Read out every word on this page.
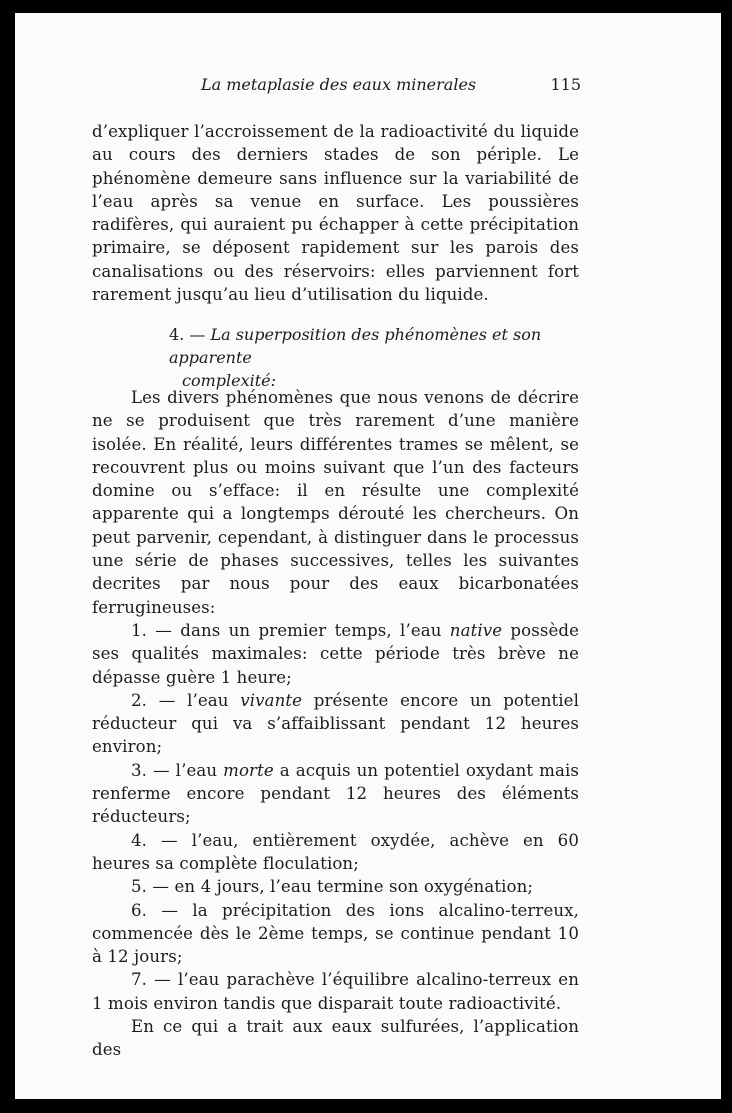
La metaplasie des eaux minerales	115

d’expliquer l’accroissement de la radioactivité du liquide au cours des derniers stades de son périple. Le phénomène demeure sans influence sur la variabilité de l’eau après sa venue en surface. Les poussières radifères, qui auraient pu échapper à cette précipitation primaire, se déposent rapidement sur les parois des canalisations ou des réservoirs: elles parviennent fort rarement jusqu’au lieu d’utilisation du liquide.

4. — La superposition des phénomènes et son apparente
complexité:

Les divers phénomènes que nous venons de décrire ne se produisent que très rarement d’une manière isolée. En réalité, leurs différentes trames se mêlent, se recouvrent plus ou moins suivant que l’un des facteurs domine ou s’efface: il en résulte une complexité apparente qui a longtemps dérouté les chercheurs. On peut parvenir, cependant, à distinguer dans le processus une série de phases successives, telles les suivantes decrites par nous pour des eaux bicarbonatées ferrugineuses:

1. — dans un premier temps, l’eau native possède ses qualités maximales: cette période très brève ne dépasse guère 1 heure;

2. — l’eau vivante présente encore un potentiel réducteur qui va s’affaiblissant pendant 12 heures environ;

3. — l’eau morte a acquis un potentiel oxydant mais renferme encore pendant 12 heures des éléments réducteurs;

4. — l’eau, entièrement oxydée, achève en 60 heures sa complète floculation;

5. — en 4 jours, l’eau termine son oxygénation;

6. — la précipitation des ions alcalino-terreux, commencée dès le 2ème temps, se continue pendant 10 à 12 jours;

7. — l’eau parachève l’équilibre alcalino-terreux en 1 mois environ tandis que disparait toute radioactivité.

En ce qui a trait aux eaux sulfurées, l’application des
